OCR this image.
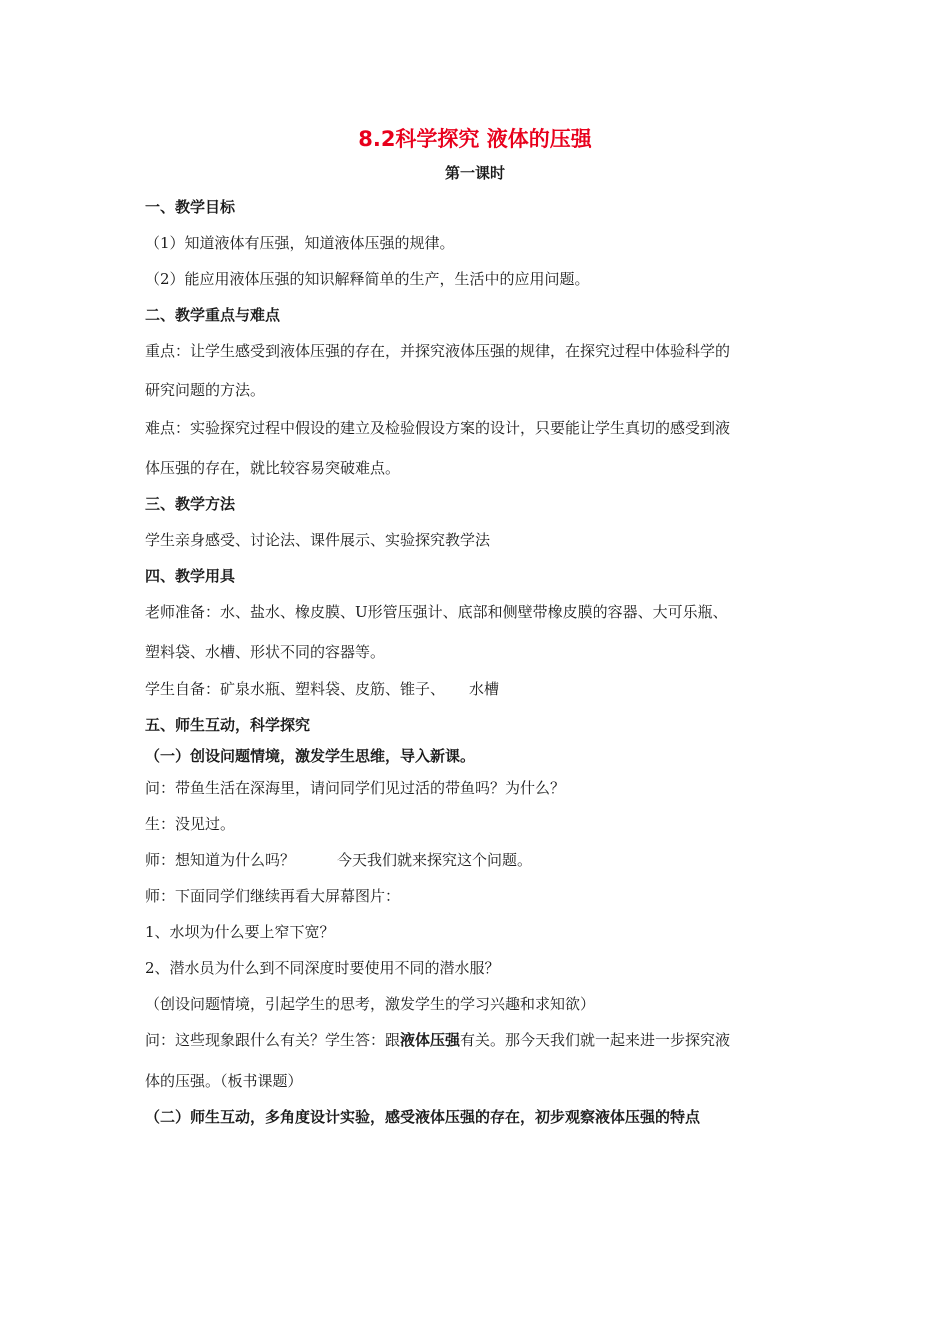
8.2科学探究 液体的压强

第一课时

一、教学目标

（1）知道液体有压强，知道液体压强的规律。

（2）能应用液体压强的知识解释简单的生产，生活中的应用问题。

二、教学重点与难点

重点：让学生感受到液体压强的存在，并探究液体压强的规律，在探究过程中体验科学的

研究问题的方法。

难点：实验探究过程中假设的建立及检验假设方案的设计，只要能让学生真切的感受到液

体压强的存在，就比较容易突破难点。

三、教学方法

学生亲身感受、讨论法、课件展示、实验探究教学法

四、教学用具

老师准备：水、盐水、橡皮膜、U形管压强计、底部和侧壁带橡皮膜的容器、大可乐瓶、

塑料袋、水槽、形状不同的容器等。

学生自备：矿泉水瓶、塑料袋、皮筋、锥子、 水槽

五、师生互动，科学探究

（一）创设问题情境，激发学生思维，导入新课。

问：带鱼生活在深海里，请问同学们见过活的带鱼吗？为什么？

生：没见过。

师：想知道为什么吗？	今天我们就来探究这个问题。

师：下面同学们继续再看大屏幕图片：

1、水坝为什么要上窄下宽？

2、潜水员为什么到不同深度时要使用不同的潜水服？

（创设问题情境，引起学生的思考，激发学生的学习兴趣和求知欲）

问：这些现象跟什么有关？学生答：跟液体压强有关。那今天我们就一起来进一步探究液

体的压强。（板书课题）

（二）师生互动，多角度设计实验，感受液体压强的存在，初步观察液体压强的特点
